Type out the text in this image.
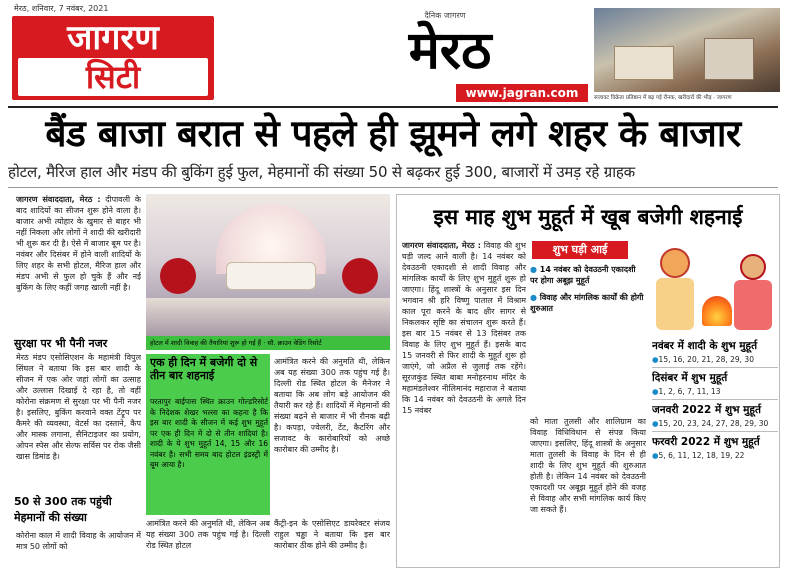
मेरठ, शनिवार, 7 नवंबर, 2021
जागरण
सिटी
दैनिक जागरण
मेरठ
www.jagran.com	सजावट विक्रेता प्रतिष्ठान में बढ़ गई रौनक, खरीदारों की भीड़ · जागरण
बैंड बाजा बरात से पहले ही झूमने लगे शहर के बाजार
होटल, मैरिज हाल और मंडप की बुकिंग हुई फुल, मेहमानों की संख्या 50 से बढ़कर हुई 300, बाजारों में उमड़ रहे ग्राहक
जागरण संवाददाता, मेरठ : दीपावली के बाद शादियों का सीजन शुरू होने वाला है। बाजार अभी त्योहार के खुमार से बाहर भी नहीं निकला और लोगों ने शादी की खरीदारी भी शुरू कर दी है। ऐसे में बाजार बूम पर है। नवंबर और दिसंबर में होने वाली शादियों के लिए शहर के सभी होटल, मैरिज हाल और मंडप अभी से फुल हो चुके हैं और नई बुकिंग के लिए कहीं जगह खाली नहीं है।
सुरक्षा पर भी पैनी नजर
मेरठ मंडप एसोसिएशन के महामंत्री विपुल सिंघल ने बताया कि इस बार शादी के सीजन में एक ओर जहां लोगों का उत्साह और उल्लास दिखाई दे रहा है, तो वहीं कोरोना संक्रमण से सुरक्षा पर भी पैनी नजर है। इसलिए, बुकिंग करवाने वक्त टेंट्रूप पर कैमरे की व्यवस्था, वेटर्स का दस्ताने, कैप और मास्क लगाना, सैनिटाइजर का प्रयोग, ओपन स्पेस और सेल्फ सर्विस पर रोक जैसी खास डिमांड है।
50 से 300 तक पहुंची मेहमानों की संख्या
कोरोना काल में शादी विवाह के आयोजन में मात्र 50 लोगों को
होटल में शादी विवाह की तैयारियां शुरू हो गई हैं · सौ. क्राउन वेडिंग रिसोर्ट
एक ही दिन में बजेगी दो से तीन बार शहनाई
परतापुर बाईपास स्थित क्राउन गोल्डरिसोर्ट के निदेशक शेखर भल्ला का कहना है कि इस बार शादी के सीजन में कई शुभ मुहूर्त पर एक ही दिन में दो से तीन शादियां है। शादी के ये शुभ मुहूर्त 14, 15 और 16 नवंबर है। सभी समय बाद होटल इंडस्ट्री में बूम आया है।
आमंत्रित करने की अनुमति थी, लेकिन अब यह संख्या 300 तक पहुंच गई है। दिल्ली रोड स्थित होटल के मैनेजर ने बताया कि अब लोग बड़े आयोजन की तैयारी कर रहे हैं। शादियों में मेहमानों की संख्या बढ़ने से बाजार में भी रौनक बढ़ी है। कपड़ा, ज्वेलरी, टेंट, कैटरिंग और सजावट के कारोबारियों को अच्छे कारोबार की उम्मीद है।
आमंत्रित करने की अनुमति थी, लेकिन अब यह संख्या 300 तक पहुंच गई है। दिल्ली रोड स्थित होटल
कैंट्री-इन के एसोसिएट डायरेक्टर संजय राहुल चड्ढा ने बताया कि इस बार कारोबार ठीक होने की उम्मीद है।
इस माह शुभ मुहूर्त में खूब बजेगी शहनाई
जागरण संवाददाता, मेरठ : विवाह की शुभ घड़ी जल्द आने वाली है। 14 नवंबर को देवउठनी एकादशी से शादी विवाह और मांगलिक कार्यों के लिए शुभ मुहूर्त शुरू हो जाएगा। हिंदू शास्त्रों के अनुसार इस दिन भगवान श्री हरि विष्णु पाताल में विश्राम काल पूरा करने के बाद क्षीर सागर से निकलकर सृष्टि का संचालन शुरू करते हैं। इस बार 15 नवंबर से 13 दिसंबर तक विवाह के लिए शुभ मुहूर्त हैं। इसके बाद 15 जनवरी से फिर शादी के मुहूर्त शुरू हो जाएंगे, जो अप्रैल से जुलाई तक रहेंगे। सूरजकुंड स्थित बाबा मनोहरनाथ मंदिर के महामंडलेश्वर नीलिमानंद महाराज ने बताया कि 14 नवंबर को देवउठनी के अगले दिन 15 नवंबर
शुभ घड़ी आई
● 14 नवंबर को देवउठनी एकादशी पर होगा अबूझ मुहूर्त
● विवाह और मांगलिक कार्यों की होगी शुरुआत
को माता तुलसी और शालिग्राम का विवाह विधिविधान से संपन्न किया जाएगा। इसलिए, हिंदू शास्त्रों के अनुसार माता तुलसी के विवाह के दिन से ही शादी के लिए शुभ मुहूर्त की शुरुआत होती है। लेकिन 14 नवंबर को देवउठनी एकादशी पर अबूझ मुहूर्त होने की वजह से विवाह और सभी मांगलिक कार्य किए जा सकते हैं।
नवंबर में शादी के शुभ मुहूर्त
●15, 16, 20, 21, 28, 29, 30
दिसंबर में शुभ मुहूर्त
●1, 2, 6, 7, 11, 13
जनवरी 2022 में शुभ मुहूर्त
●15, 20, 23, 24, 27, 28, 29, 30
फरवरी 2022 में शुभ मुहूर्त
●5, 6, 11, 12, 18, 19, 22
